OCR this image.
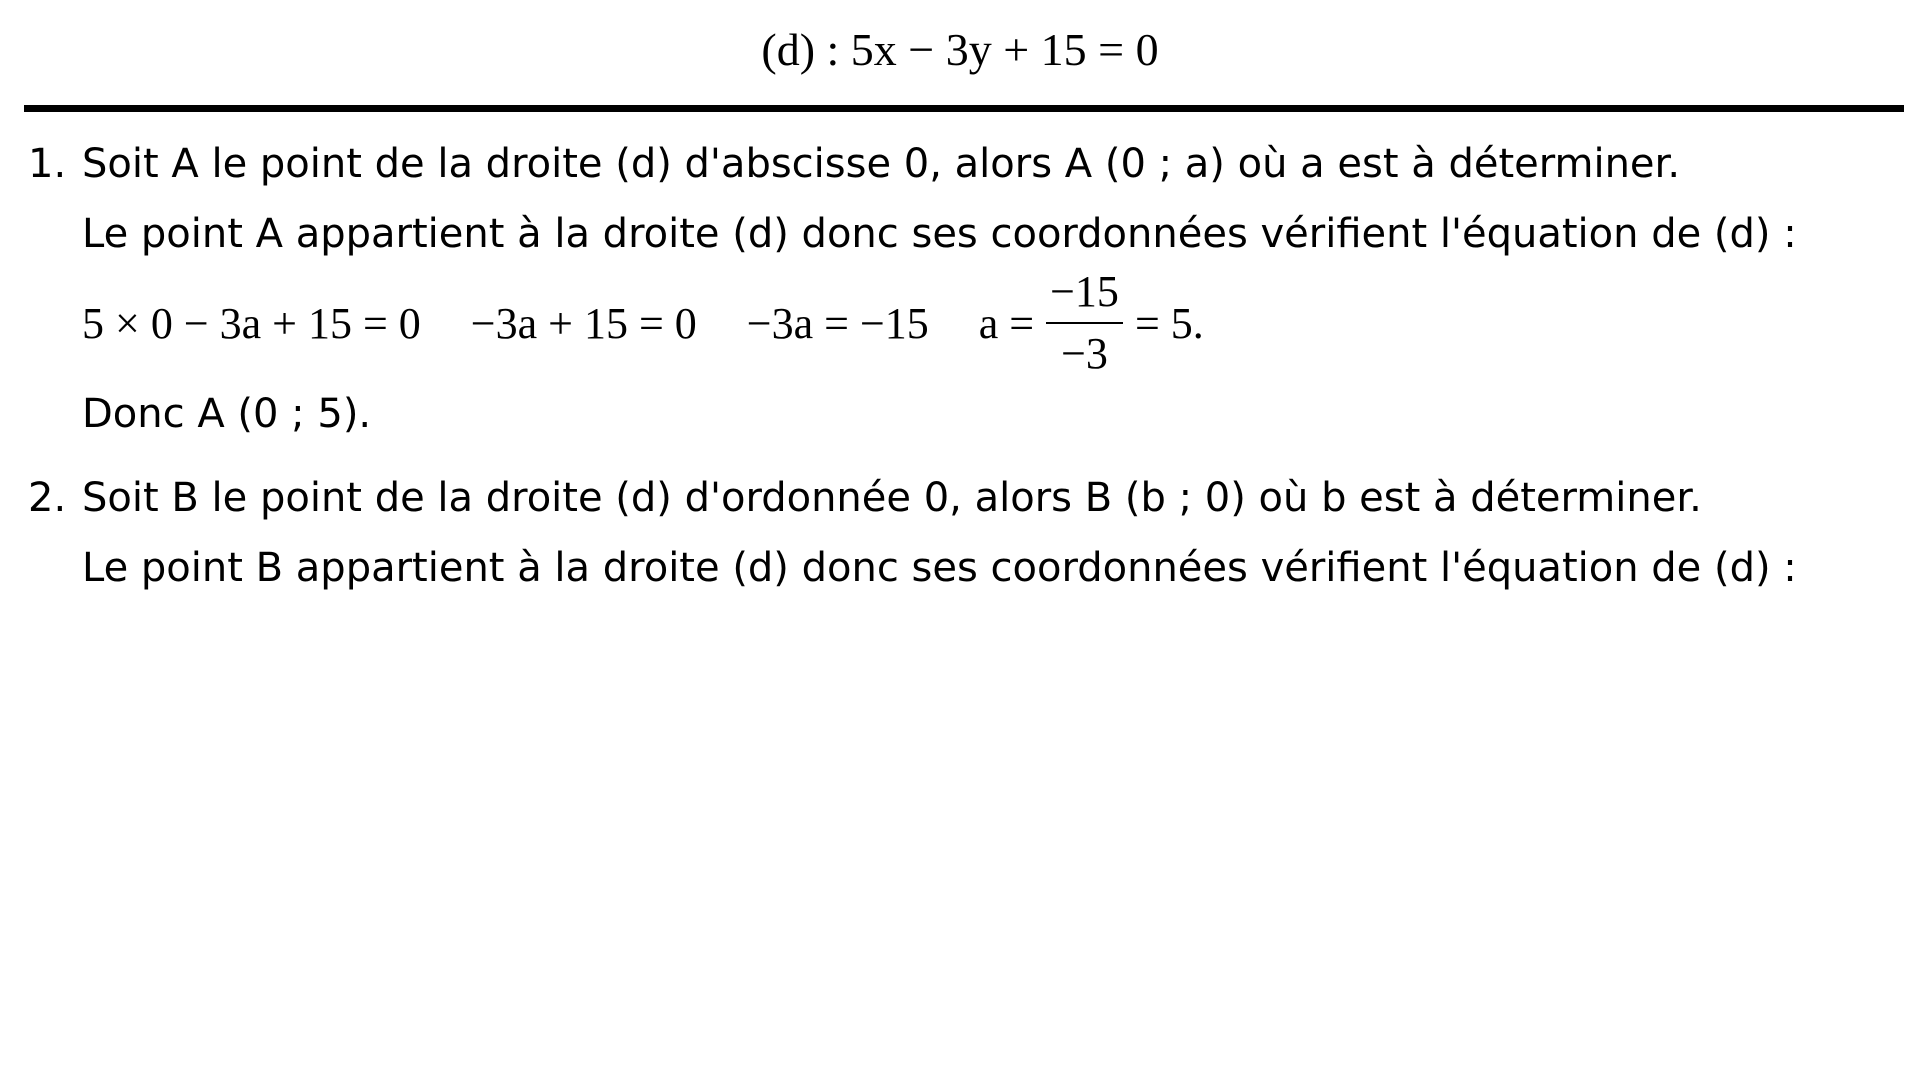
(d) : 5x − 3y + 15 = 0
1. Soit A le point de la droite (d) d'abscisse 0, alors A (0 ; a) où a est à déterminer.
Le point A appartient à la droite (d) donc ses coordonnées vérifient l'équation de (d) :
5 × 0 − 3a + 15 = 0 −3a + 15 = 0 −3a = −15 $a = \frac{-15}{-3} = 5$.
Donc A (0 ; 5).
2. Soit B le point de la droite (d) d'ordonnée 0, alors B (b ; 0) où b est à déterminer.
Le point B appartient à la droite (d) donc ses coordonnées vérifient l'équation de (d) :
